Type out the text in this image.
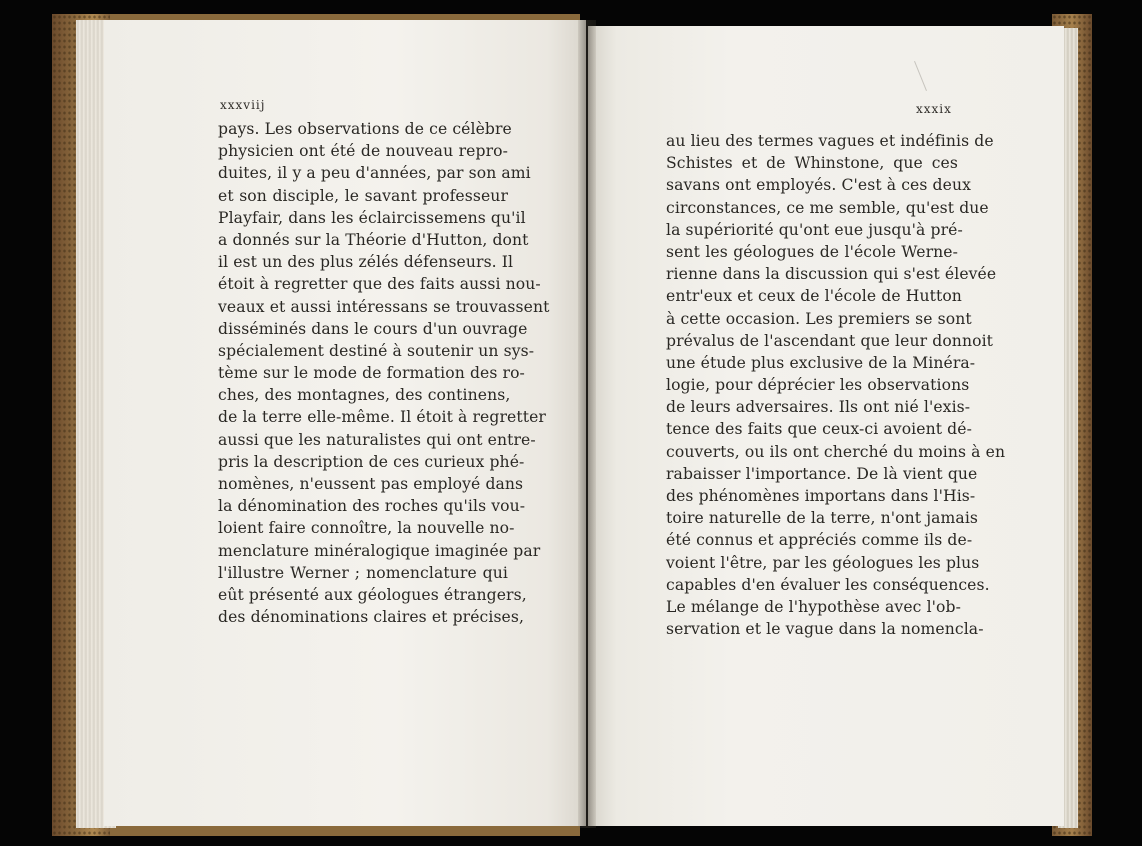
xxxviij	xxxix
pays. Les observations de ce célèbre
physicien ont été de nouveau repro-
duites, il y a peu d'années, par son ami
et son disciple, le savant professeur
Playfair, dans les éclaircissemens qu'il
a donnés sur la Théorie d'Hutton, dont
il est un des plus zélés défenseurs. Il
étoit à regretter que des faits aussi nou-
veaux et aussi intéressans se trouvassent
disséminés dans le cours d'un ouvrage
spécialement destiné à soutenir un sys-
tème sur le mode de formation des ro-
ches, des montagnes, des continens,
de la terre elle-même. Il étoit à regretter
aussi que les naturalistes qui ont entre-
pris la description de ces curieux phé-
nomènes, n'eussent pas employé dans
la dénomination des roches qu'ils vou-
loient faire connoître, la nouvelle no-
menclature minéralogique imaginée par
l'illustre Werner ; nomenclature qui
eût présenté aux géologues étrangers,
des dénominations claires et précises,
au lieu des termes vagues et indéfinis de
Schistes et de Whinstone, que ces
savans ont employés. C'est à ces deux
circonstances, ce me semble, qu'est due
la supériorité qu'ont eue jusqu'à pré-
sent les géologues de l'école Werne-
rienne dans la discussion qui s'est élevée
entr'eux et ceux de l'école de Hutton
à cette occasion. Les premiers se sont
prévalus de l'ascendant que leur donnoit
une étude plus exclusive de la Minéra-
logie, pour déprécier les observations
de leurs adversaires. Ils ont nié l'exis-
tence des faits que ceux-ci avoient dé-
couverts, ou ils ont cherché du moins à en
rabaisser l'importance. De là vient que
des phénomènes importans dans l'His-
toire naturelle de la terre, n'ont jamais
été connus et appréciés comme ils de-
voient l'être, par les géologues les plus
capables d'en évaluer les conséquences.
Le mélange de l'hypothèse avec l'ob-
servation et le vague dans la nomencla-
